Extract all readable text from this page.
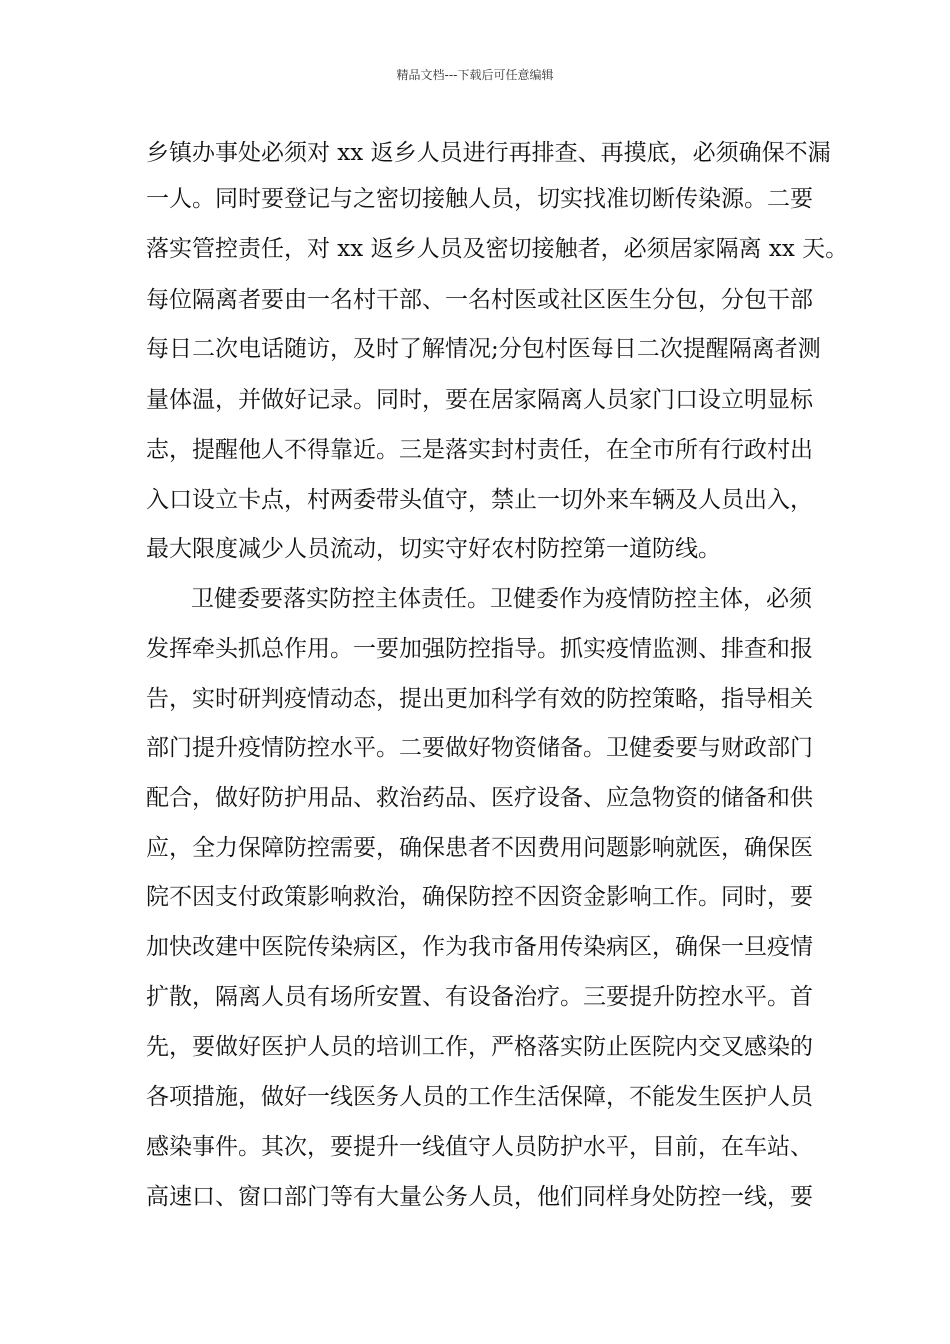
精品文档---下载后可任意编辑
乡镇办事处必须对 xx 返乡人员进行再排查、再摸底，必须确保不漏
一人。同时要登记与之密切接触人员，切实找准切断传染源。二要
落实管控责任，对 xx 返乡人员及密切接触者，必须居家隔离 xx 天。
每位隔离者要由一名村干部、一名村医或社区医生分包，分包干部
每日二次电话随访，及时了解情况;分包村医每日二次提醒隔离者测
量体温，并做好记录。同时，要在居家隔离人员家门口设立明显标
志，提醒他人不得靠近。三是落实封村责任，在全市所有行政村出
入口设立卡点，村两委带头值守，禁止一切外来车辆及人员出入，
最大限度减少人员流动，切实守好农村防控第一道防线。
卫健委要落实防控主体责任。卫健委作为疫情防控主体，必须
发挥牵头抓总作用。一要加强防控指导。抓实疫情监测、排查和报
告，实时研判疫情动态，提出更加科学有效的防控策略，指导相关
部门提升疫情防控水平。二要做好物资储备。卫健委要与财政部门
配合，做好防护用品、救治药品、医疗设备、应急物资的储备和供
应，全力保障防控需要，确保患者不因费用问题影响就医，确保医
院不因支付政策影响救治，确保防控不因资金影响工作。同时，要
加快改建中医院传染病区，作为我市备用传染病区，确保一旦疫情
扩散，隔离人员有场所安置、有设备治疗。三要提升防控水平。首
先，要做好医护人员的培训工作，严格落实防止医院内交叉感染的
各项措施，做好一线医务人员的工作生活保障，不能发生医护人员
感染事件。其次，要提升一线值守人员防护水平，目前，在车站、
高速口、窗口部门等有大量公务人员，他们同样身处防控一线，要
